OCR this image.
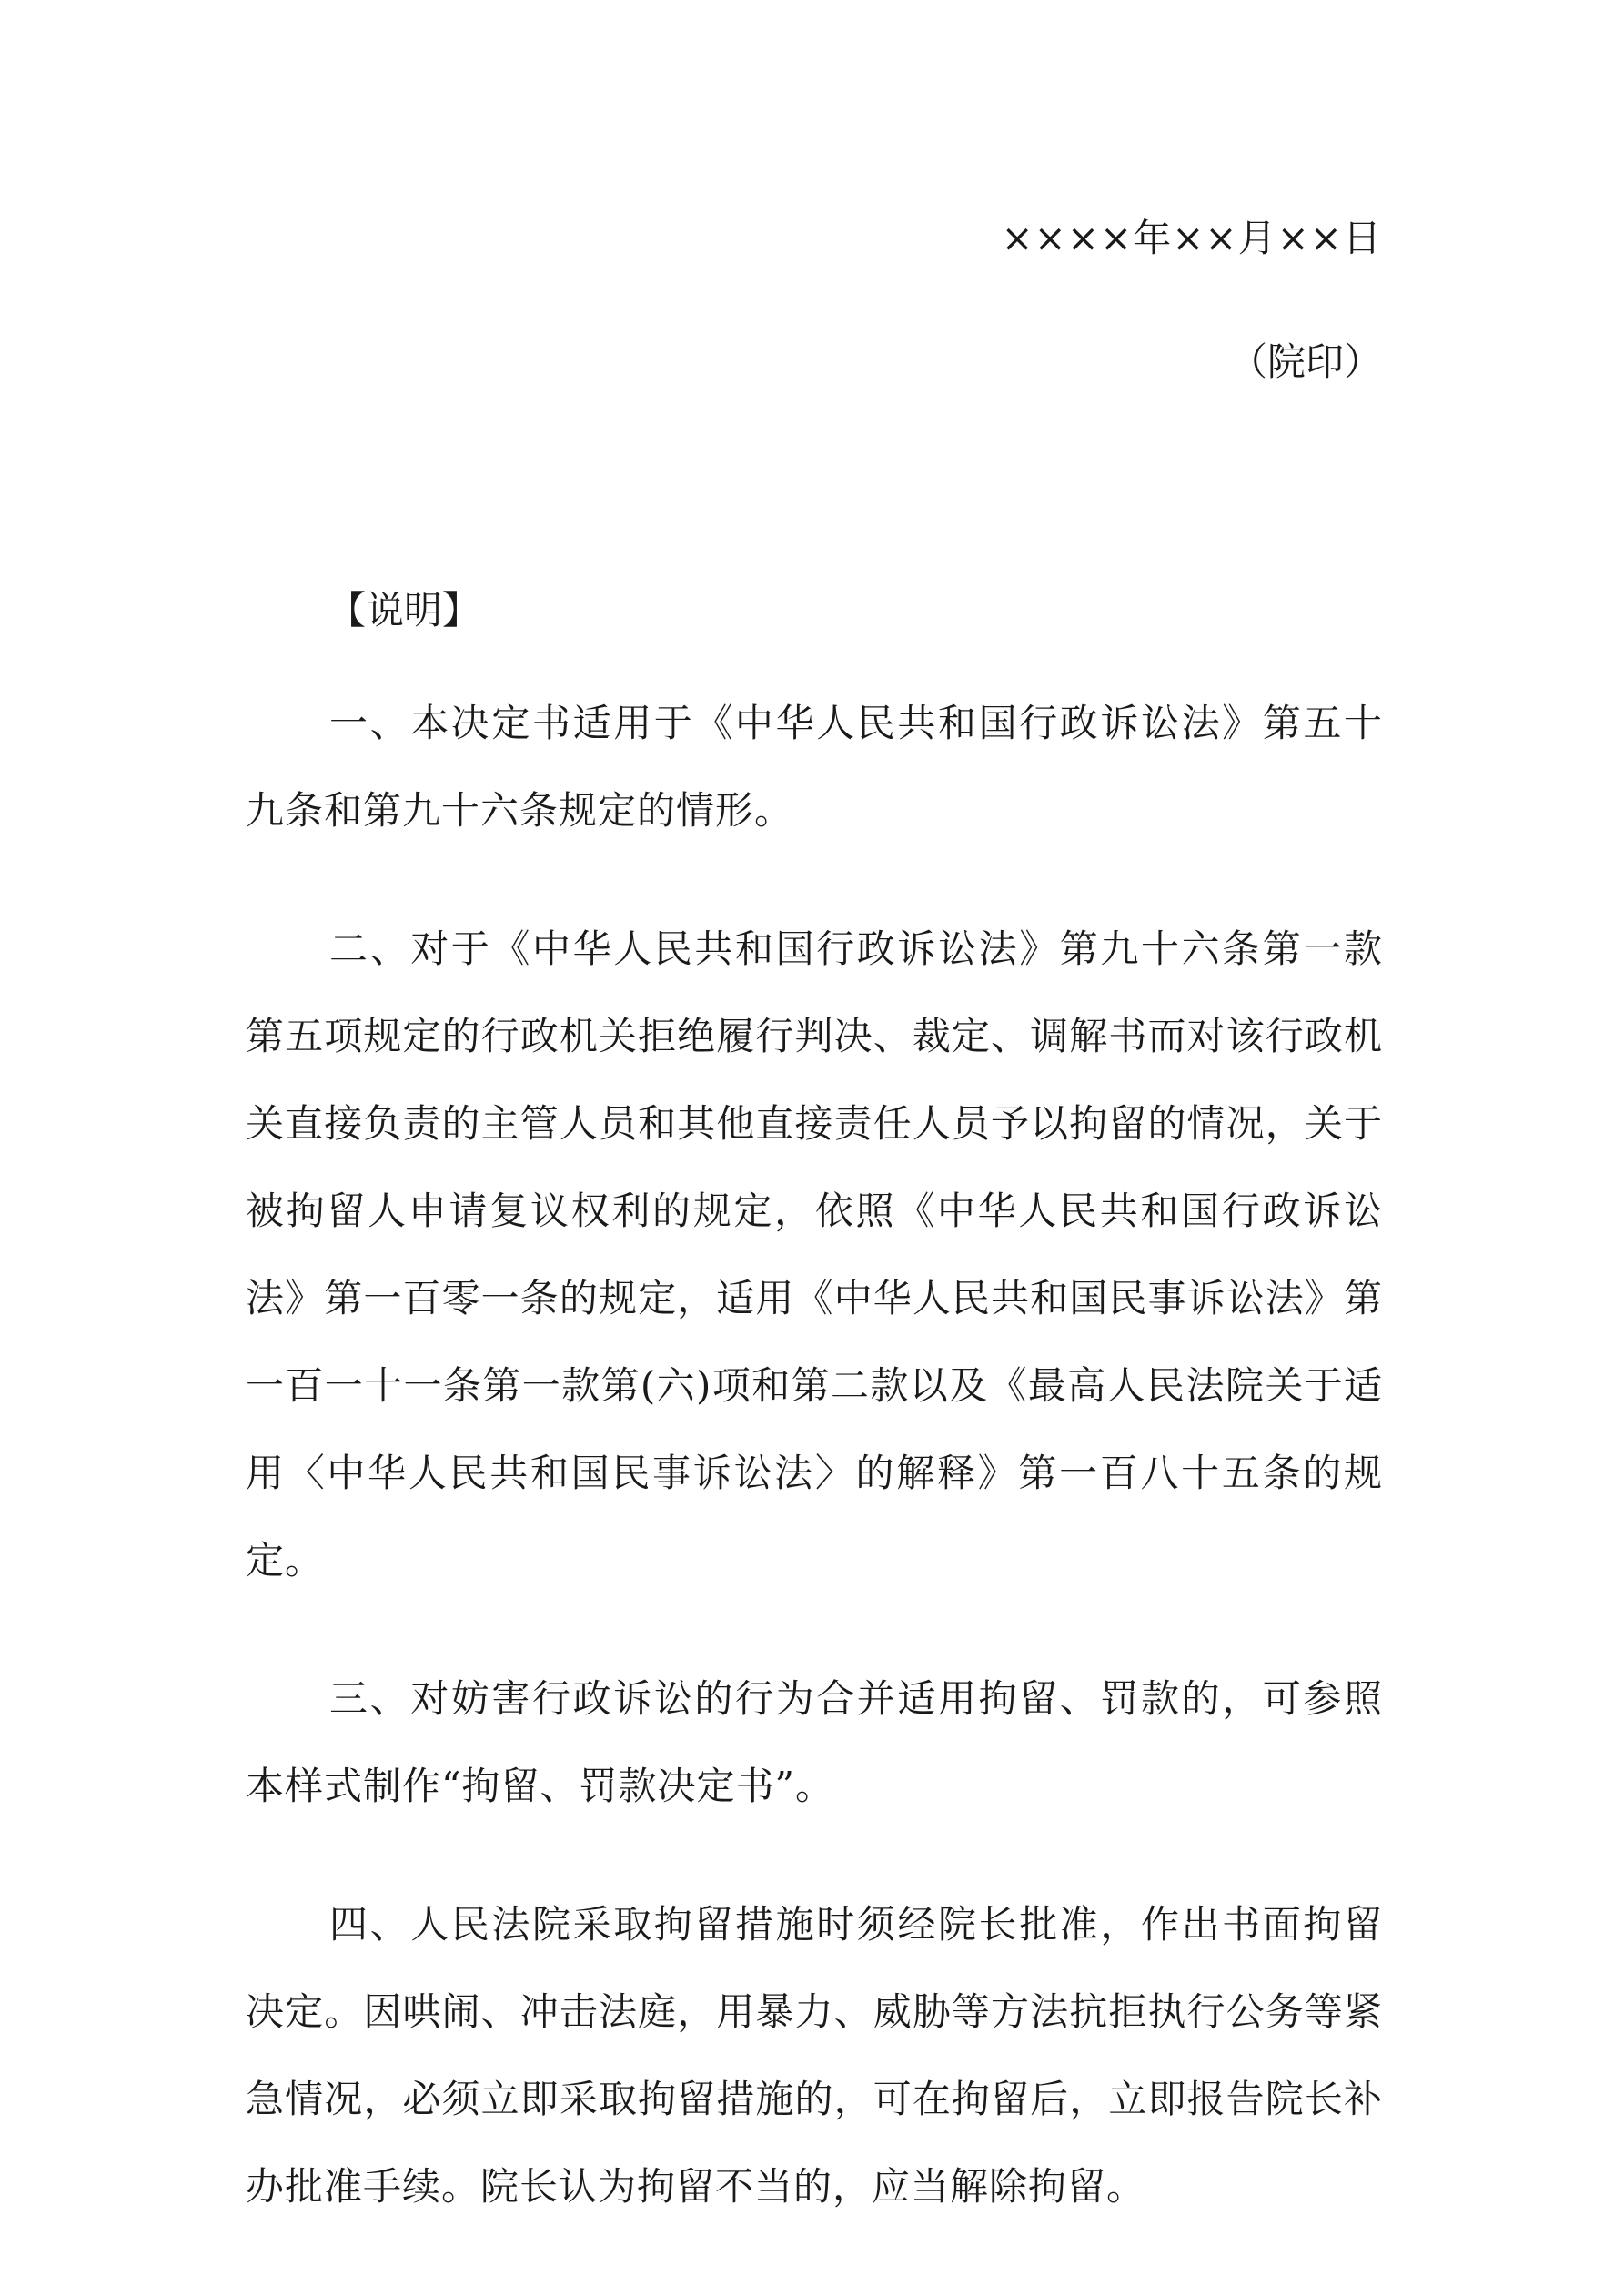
××××年××月××日
（院印）
【说明】

一、本决定书适用于《中华人民共和国行政诉讼法》第五十九条和第九十六条规定的情形。

二、对于《中华人民共和国行政诉讼法》第九十六条第一款第五项规定的行政机关拒绝履行判决、裁定、调解书而对该行政机关直接负责的主管人员和其他直接责任人员予以拘留的情况，关于被拘留人申请复议权利的规定，依照《中华人民共和国行政诉讼法》第一百零一条的规定，适用《中华人民共和国民事诉讼法》第一百一十一条第一款第(六)项和第二款以及《最高人民法院关于适用〈中华人民共和国民事诉讼法〉的解释》第一百八十五条的规定。

三、对妨害行政诉讼的行为合并适用拘留、罚款的，可参照本样式制作“拘留、罚款决定书”。

四、人民法院采取拘留措施时须经院长批准，作出书面拘留决定。因哄闹、冲击法庭，用暴力、威胁等方法抗拒执行公务等紧急情况，必须立即采取拘留措施的，可在拘留后，立即报告院长补办批准手续。院长认为拘留不当的，应当解除拘留。
